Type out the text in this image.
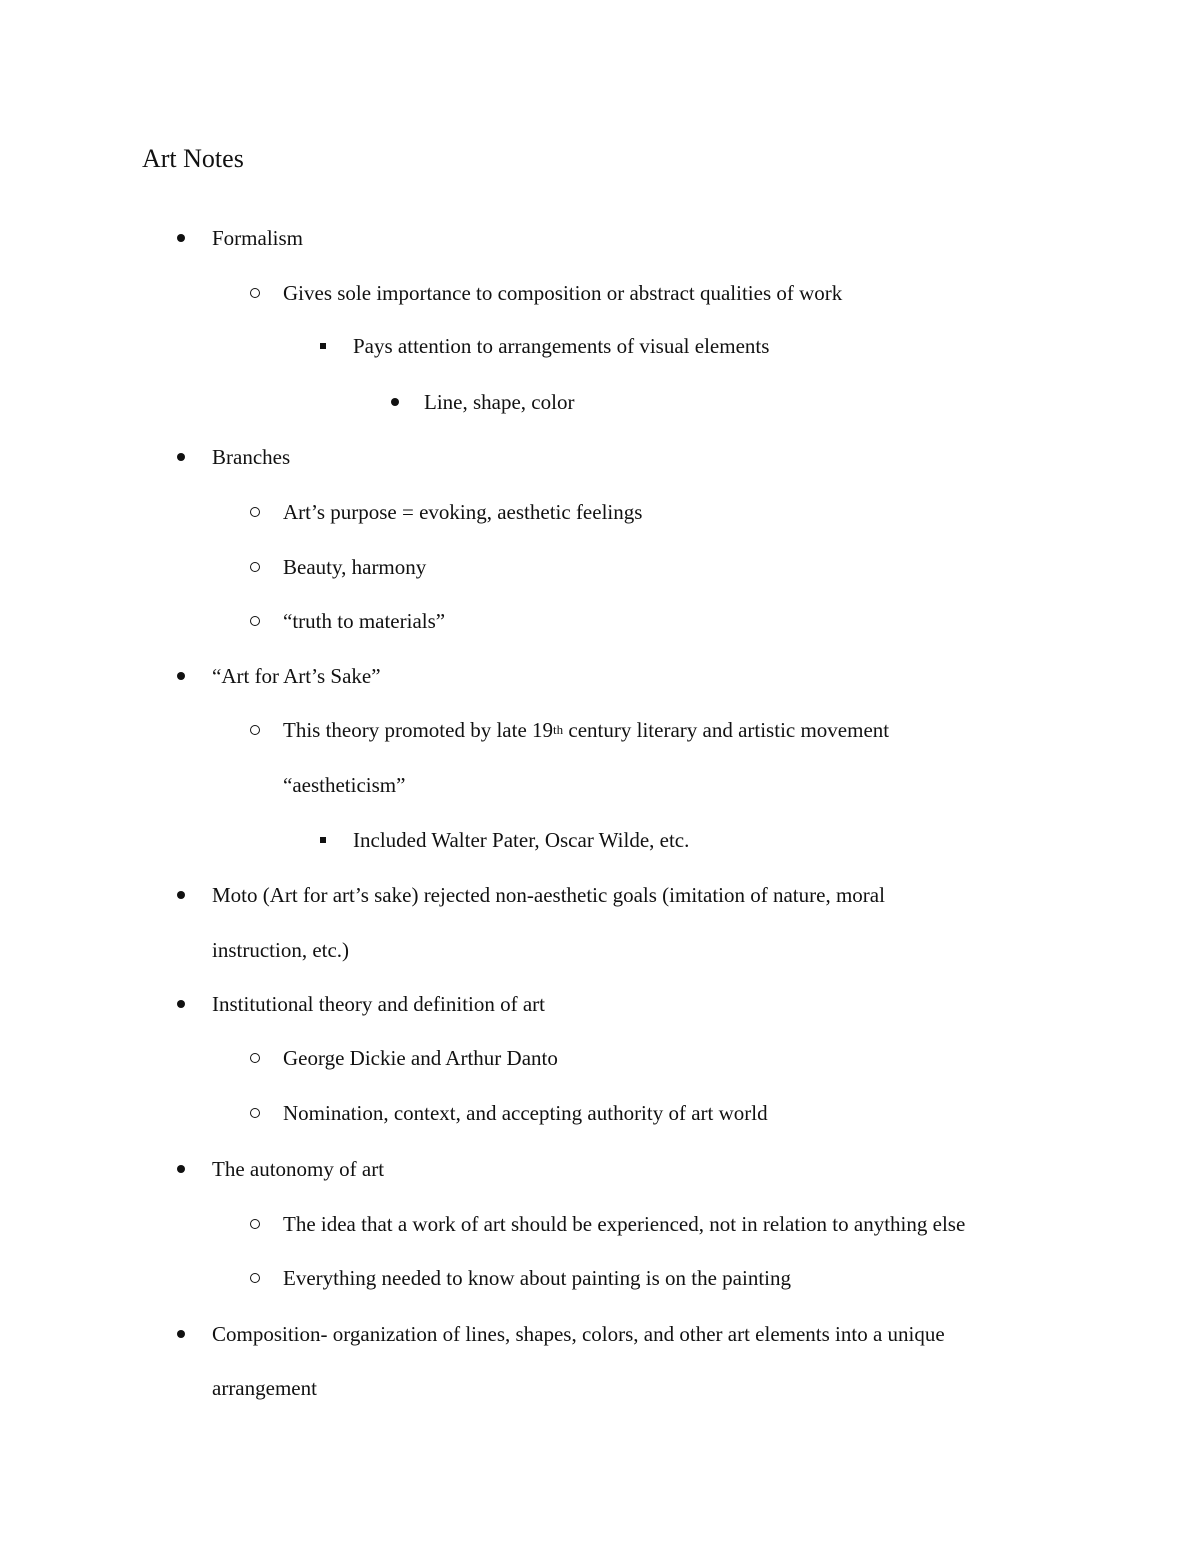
Art Notes
Formalism
Gives sole importance to composition or abstract qualities of work
Pays attention to arrangements of visual elements
Line, shape, color
Branches
Art’s purpose = evoking, aesthetic feelings
Beauty, harmony
“truth to materials”
“Art for Art’s Sake”
This theory promoted by late 19th century literary and artistic movement
“aestheticism”
Included Walter Pater, Oscar Wilde, etc.
Moto (Art for art’s sake) rejected non-aesthetic goals (imitation of nature, moral
instruction, etc.)
Institutional theory and definition of art
George Dickie and Arthur Danto
Nomination, context, and accepting authority of art world
The autonomy of art
The idea that a work of art should be experienced, not in relation to anything else
Everything needed to know about painting is on the painting
Composition- organization of lines, shapes, colors, and other art elements into a unique
arrangement
